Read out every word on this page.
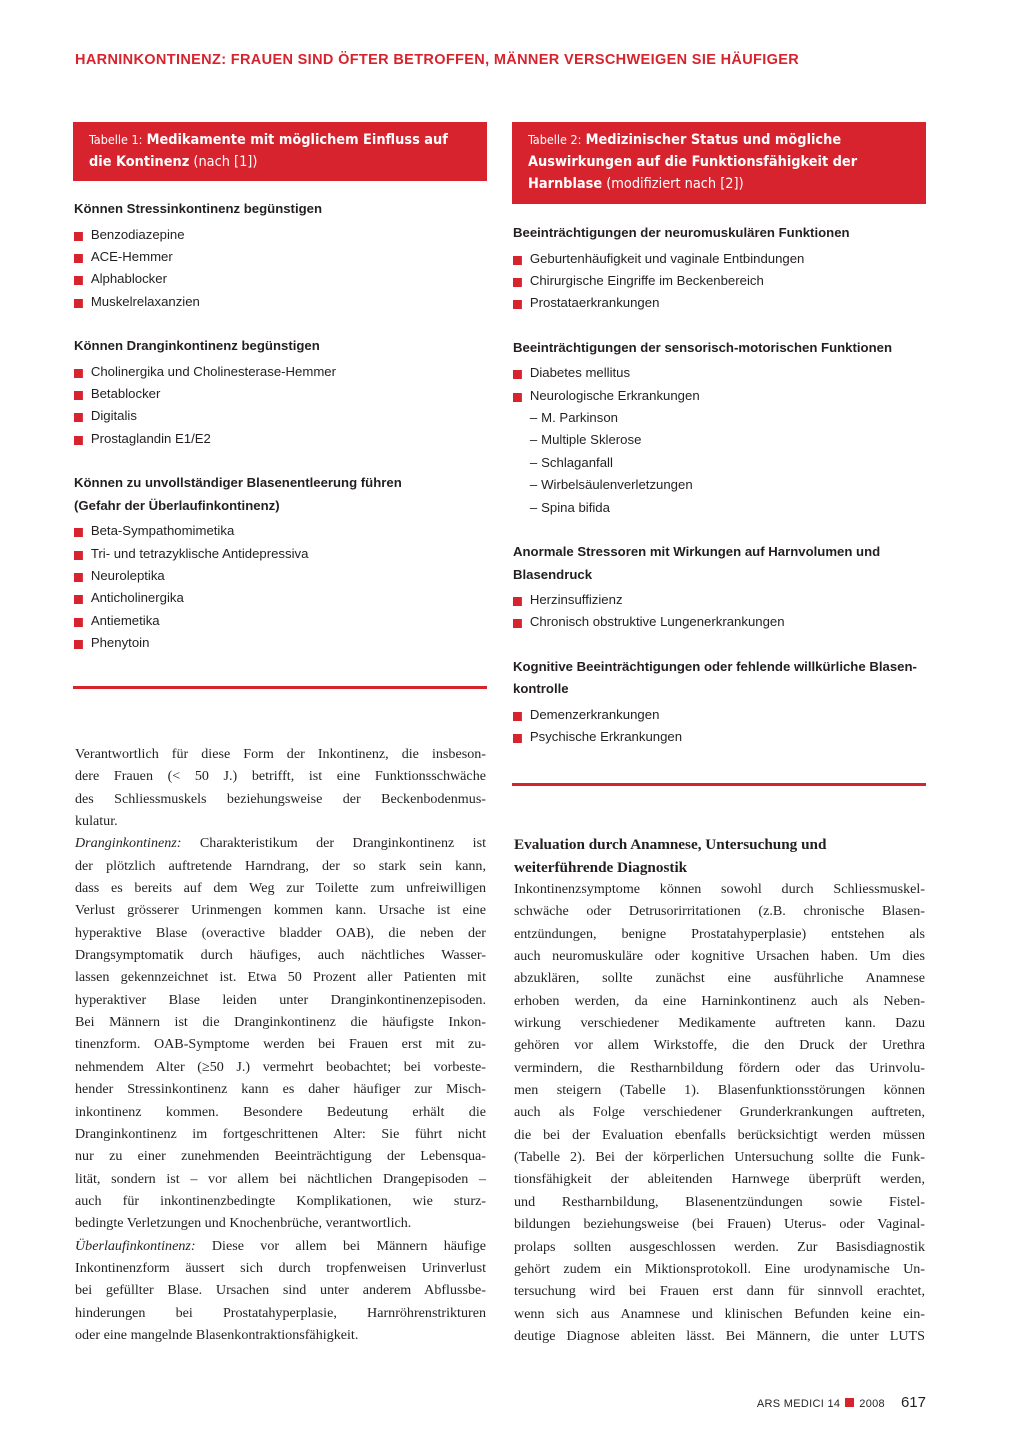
HARNINKONTINENZ: FRAUEN SIND ÖFTER BETROFFEN, MÄNNER VERSCHWEIGEN SIE HÄUFIGER
Tabelle 1: Medikamente mit möglichem Einfluss auf die Kontinenz (nach [1])
Können Stressinkontinenz begünstigen
Benzodiazepine
ACE-Hemmer
Alphablocker
Muskelrelaxanzien
Können Dranginkontinenz begünstigen
Cholinergika und Cholinesterase-Hemmer
Betablocker
Digitalis
Prostaglandin E1/E2
Können zu unvollständiger Blasenentleerung führen
(Gefahr der Überlaufinkontinenz)
Beta-Sympathomimetika
Tri- und tetrazyklische Antidepressiva
Neuroleptika
Anticholinergika
Antiemetika
Phenytoin
Tabelle 2: Medizinischer Status und mögliche
Auswirkungen auf die Funktionsfähigkeit der
Harnblase (modifiziert nach [2])
Beeinträchtigungen der neuromuskulären Funktionen
Geburtenhäufigkeit und vaginale Entbindungen
Chirurgische Eingriffe im Beckenbereich
Prostataerkrankungen
Beeinträchtigungen der sensorisch-motorischen Funktionen
Diabetes mellitus
Neurologische Erkrankungen
– M. Parkinson
– Multiple Sklerose
– Schlaganfall
– Wirbelsäulenverletzungen
– Spina bifida
Anormale Stressoren mit Wirkungen auf Harnvolumen und
Blasendruck
Herzinsuffizienz
Chronisch obstruktive Lungenerkrankungen
Kognitive Beeinträchtigungen oder fehlende willkürliche Blasen-
kontrolle
Demenzerkrankungen
Psychische Erkrankungen
Verantwortlich für diese Form der Inkontinenz, die insbeson-
dere Frauen (< 50 J.) betrifft, ist eine Funktionsschwäche
des Schliessmuskels beziehungsweise der Beckenbodenmus-
kulatur.
Dranginkontinenz: Charakteristikum der Dranginkontinenz ist
der plötzlich auftretende Harndrang, der so stark sein kann,
dass es bereits auf dem Weg zur Toilette zum unfreiwilligen
Verlust grösserer Urinmengen kommen kann. Ursache ist eine
hyperaktive Blase (overactive bladder OAB), die neben der
Drangsymptomatik durch häufiges, auch nächtliches Wasser-
lassen gekennzeichnet ist. Etwa 50 Prozent aller Patienten mit
hyperaktiver Blase leiden unter Dranginkontinenzepisoden.
Bei Männern ist die Dranginkontinenz die häufigste Inkon-
tinenzform. OAB-Symptome werden bei Frauen erst mit zu-
nehmendem Alter (≥50 J.) vermehrt beobachtet; bei vorbeste-
hender Stressinkontinenz kann es daher häufiger zur Misch-
inkontinenz kommen. Besondere Bedeutung erhält die
Dranginkontinenz im fortgeschrittenen Alter: Sie führt nicht
nur zu einer zunehmenden Beeinträchtigung der Lebensqua-
lität, sondern ist – vor allem bei nächtlichen Drangepisoden –
auch für inkontinenzbedingte Komplikationen, wie sturz-
bedingte Verletzungen und Knochenbrüche, verantwortlich.
Überlaufinkontinenz: Diese vor allem bei Männern häufige
Inkontinenzform äussert sich durch tropfenweisen Urinverlust
bei gefüllter Blase. Ursachen sind unter anderem Abflussbe-
hinderungen bei Prostatahyperplasie, Harnröhrenstrikturen
oder eine mangelnde Blasenkontraktionsfähigkeit.
Evaluation durch Anamnese, Untersuchung und
weiterführende Diagnostik
Inkontinenzsymptome können sowohl durch Schliessmuskel-
schwäche oder Detrusorirritationen (z.B. chronische Blasen-
entzündungen, benigne Prostatahyperplasie) entstehen als
auch neuromuskuläre oder kognitive Ursachen haben. Um dies
abzuklären, sollte zunächst eine ausführliche Anamnese
erhoben werden, da eine Harninkontinenz auch als Neben-
wirkung verschiedener Medikamente auftreten kann. Dazu
gehören vor allem Wirkstoffe, die den Druck der Urethra
vermindern, die Restharnbildung fördern oder das Urinvolu-
men steigern (Tabelle 1). Blasenfunktionsstörungen können
auch als Folge verschiedener Grunderkrankungen auftreten,
die bei der Evaluation ebenfalls berücksichtigt werden müssen
(Tabelle 2). Bei der körperlichen Untersuchung sollte die Funk-
tionsfähigkeit der ableitenden Harnwege überprüft werden,
und Restharnbildung, Blasenentzündungen sowie Fistel-
bildungen beziehungsweise (bei Frauen) Uterus- oder Vaginal-
prolaps sollten ausgeschlossen werden. Zur Basisdiagnostik
gehört zudem ein Miktionsprotokoll. Eine urodynamische Un-
tersuchung wird bei Frauen erst dann für sinnvoll erachtet,
wenn sich aus Anamnese und klinischen Befunden keine ein-
deutige Diagnose ableiten lässt. Bei Männern, die unter LUTS
ARS MEDICI 14 2008 617
